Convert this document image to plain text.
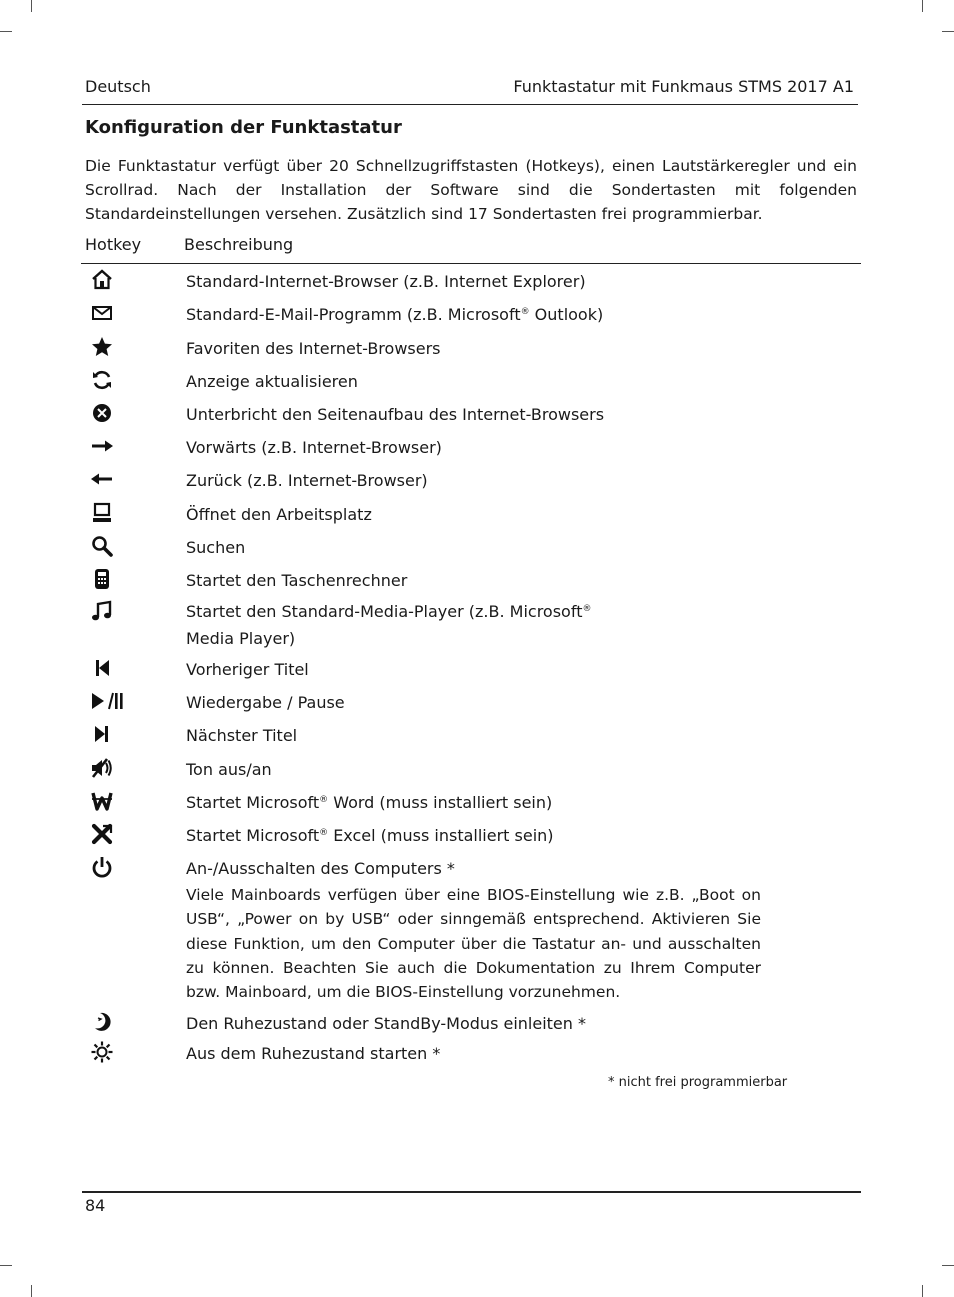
Deutsch	Funktastatur mit Funkmaus STMS 2017 A1
Konfiguration der Funktastatur

Die Funktastatur verfügt über 20 Schnellzugriffstasten (Hotkeys), einen Lautstärkeregler und ein Scrollrad. Nach der Installation der Software sind die Sondertasten mit folgenden Standardeinstellungen versehen. Zusätzlich sind 17 Sondertasten frei programmierbar.

Hotkey	Beschreibung
Standard-Internet-Browser (z.B. Internet Explorer)
Standard-E-Mail-Programm (z.B. Microsoft® Outlook)
Favoriten des Internet-Browsers
Anzeige aktualisieren
Unterbricht den Seitenaufbau des Internet-Browsers
Vorwärts (z.B. Internet-Browser)
Zurück (z.B. Internet-Browser)
Öffnet den Arbeitsplatz
Suchen
Startet den Taschenrechner
Startet den Standard-Media-Player (z.B. Microsoft® Media Player)
Vorheriger Titel
Wiedergabe / Pause
Nächster Titel
Ton aus/an
Startet Microsoft® Word (muss installiert sein)
Startet Microsoft® Excel (muss installiert sein)
An-/Ausschalten des Computers *

Viele Mainboards verfügen über eine BIOS-Einstellung wie z.B. „Boot on USB“, „Power on by USB“ oder sinngemäß entsprechend. Aktivieren Sie diese Funktion, um den Computer über die Tastatur an- und ausschalten zu können. Beachten Sie auch die Dokumentation zu Ihrem Computer bzw. Mainboard, um die BIOS-Einstellung vorzunehmen.

Den Ruhezustand oder StandBy-Modus einleiten *
Aus dem Ruhezustand starten *
* nicht frei programmierbar
84
